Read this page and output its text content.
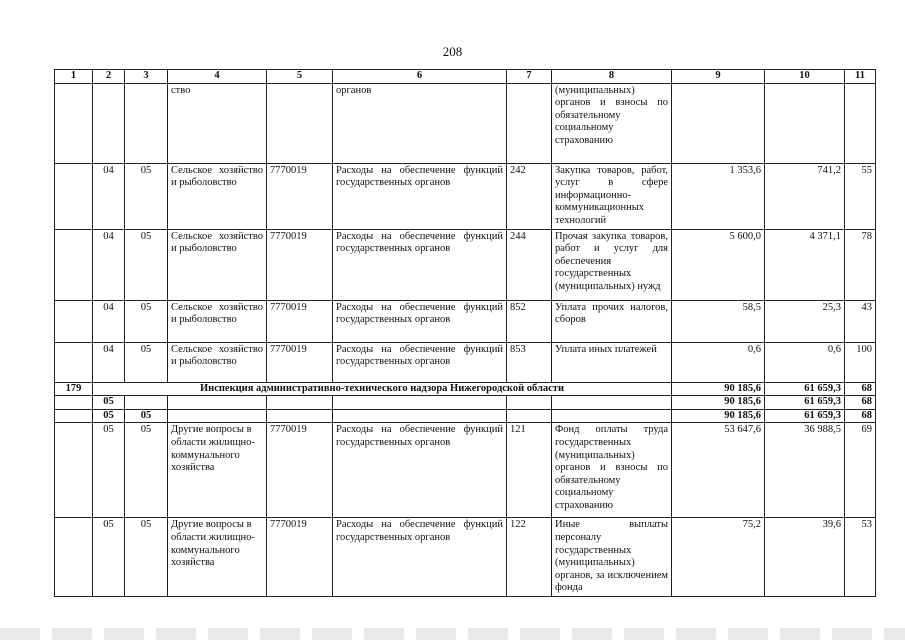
208
1	2	3	4	5	6	7	8	9	10	11
			ство		органов		(муниципальных) органов и взносы по обязательному социальному страхованию			
	04	05	Сельское хозяйство и рыболовство	7770019	Расходы на обеспечение функций государственных органов	242	Закупка товаров, работ, услуг в сфере информационно-коммуникационных технологий	1 353,6	741,2	55
	04	05	Сельское хозяйство и рыболовство	7770019	Расходы на обеспечение функций государственных органов	244	Прочая закупка товаров, работ и услуг для обеспечения государственных (муниципальных) нужд	5 600,0	4 371,1	78
	04	05	Сельское хозяйство и рыболовство	7770019	Расходы на обеспечение функций государственных органов	852	Уплата прочих налогов, сборов	58,5	25,3	43
	04	05	Сельское хозяйство и рыболовство	7770019	Расходы на обеспечение функций государственных органов	853	Уплата иных платежей	0,6	0,6	100
179	Инспекция административно-технического надзора Нижегородской области							90 185,6	61 659,3	68
	05							90 185,6	61 659,3	68
	05	05						90 185,6	61 659,3	68
	05	05	Другие вопросы в области жилищно-коммунального хозяйства	7770019	Расходы на обеспечение функций государственных органов	121	Фонд оплаты труда государственных (муниципальных) органов и взносы по обязательному социальному страхованию	53 647,6	36 988,5	69
	05	05	Другие вопросы в области жилищно-коммунального хозяйства	7770019	Расходы на обеспечение функций государственных органов	122	Иные выплаты персоналу государственных (муниципальных) органов, за исключением фонда	75,2	39,6	53
